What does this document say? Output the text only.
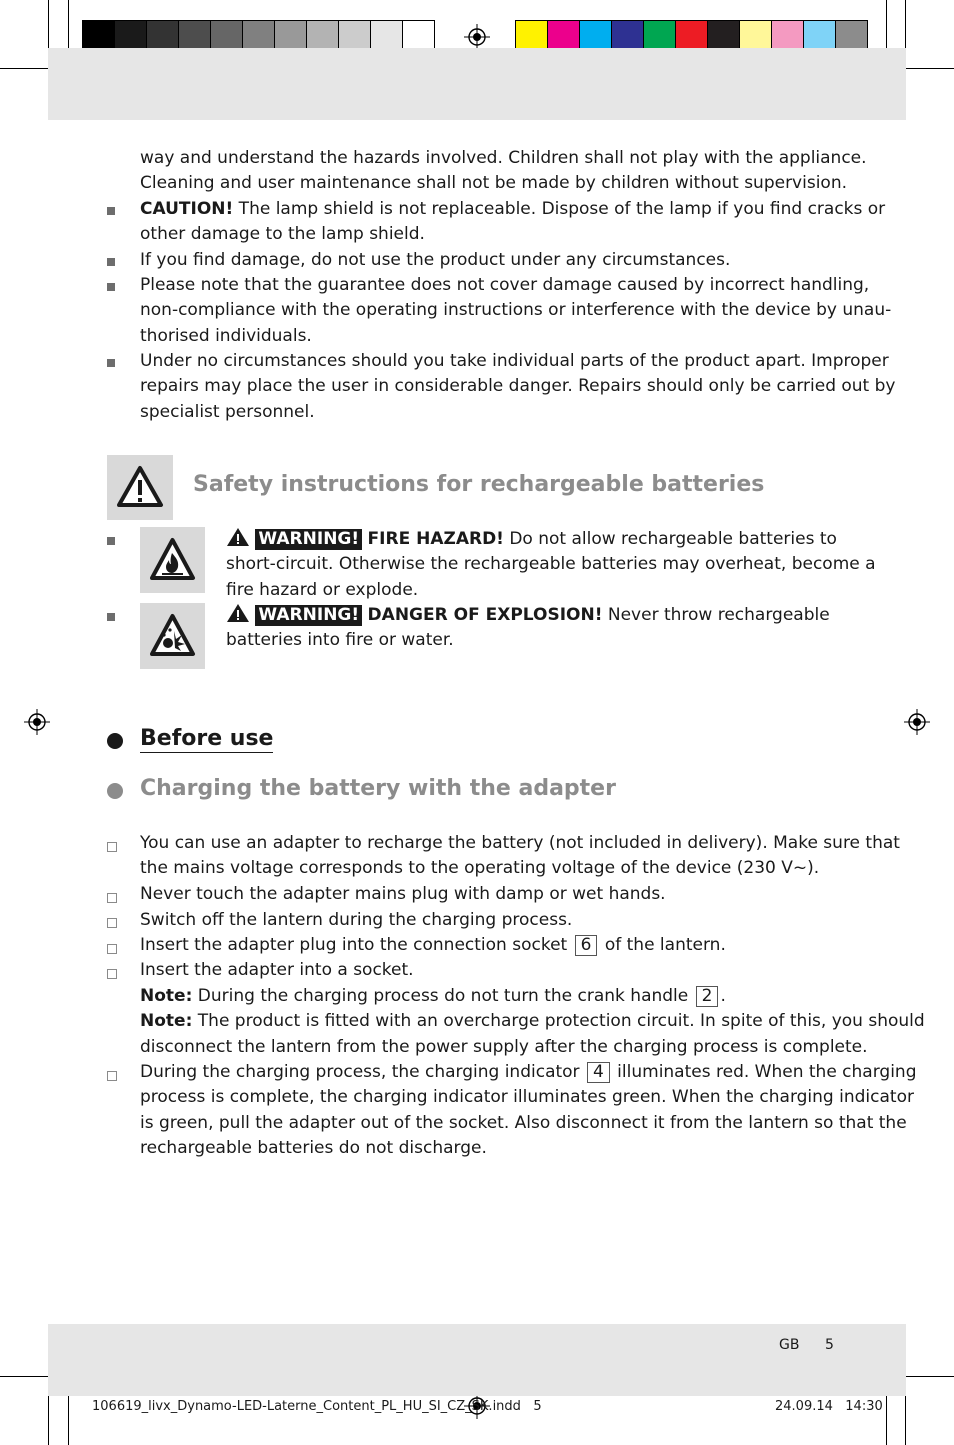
way and understand the hazards involved. Children shall not play with the appliance.
Cleaning and user maintenance shall not be made by children without supervision.
CAUTION! The lamp shield is not replaceable. Dispose of the lamp if you find cracks or
other damage to the lamp shield.
If you find damage, do not use the product under any circumstances.
Please note that the guarantee does not cover damage caused by incorrect handling,
non-compliance with the operating instructions or interference with the device by unau-
thorised individuals.
Under no circumstances should you take individual parts of the product apart. Improper
repairs may place the user in considerable danger. Repairs should only be carried out by
specialist personnel.
Safety instructions for rechargeable batteries
WARNING! FIRE HAZARD! Do not allow rechargeable batteries to
short-circuit. Otherwise the rechargeable batteries may overheat, become a
fire hazard or explode.
WARNING! DANGER OF EXPLOSION! Never throw rechargeable
batteries into fire or water.
Before use
Charging the battery with the adapter
You can use an adapter to recharge the battery (not included in delivery). Make sure that
the mains voltage corresponds to the operating voltage of the device (230 V~).
Never touch the adapter mains plug with damp or wet hands.
Switch off the lantern during the charging process.
Insert the adapter plug into the connection socket 6 of the lantern.
Insert the adapter into a socket.
Note: During the charging process do not turn the crank handle 2 .
Note: The product is fitted with an overcharge protection circuit. In spite of this, you should
disconnect the lantern from the power supply after the charging process is complete.
During the charging process, the charging indicator 4 illuminates red. When the charging
process is complete, the charging indicator illuminates green. When the charging indicator
is green, pull the adapter out of the socket. Also disconnect it from the lantern so that the
rechargeable batteries do not discharge.
GB 5
106619_livx_Dynamo-LED-Laterne_Content_PL_HU_SI_CZ_SK.indd   5	24.09.14   14:30
